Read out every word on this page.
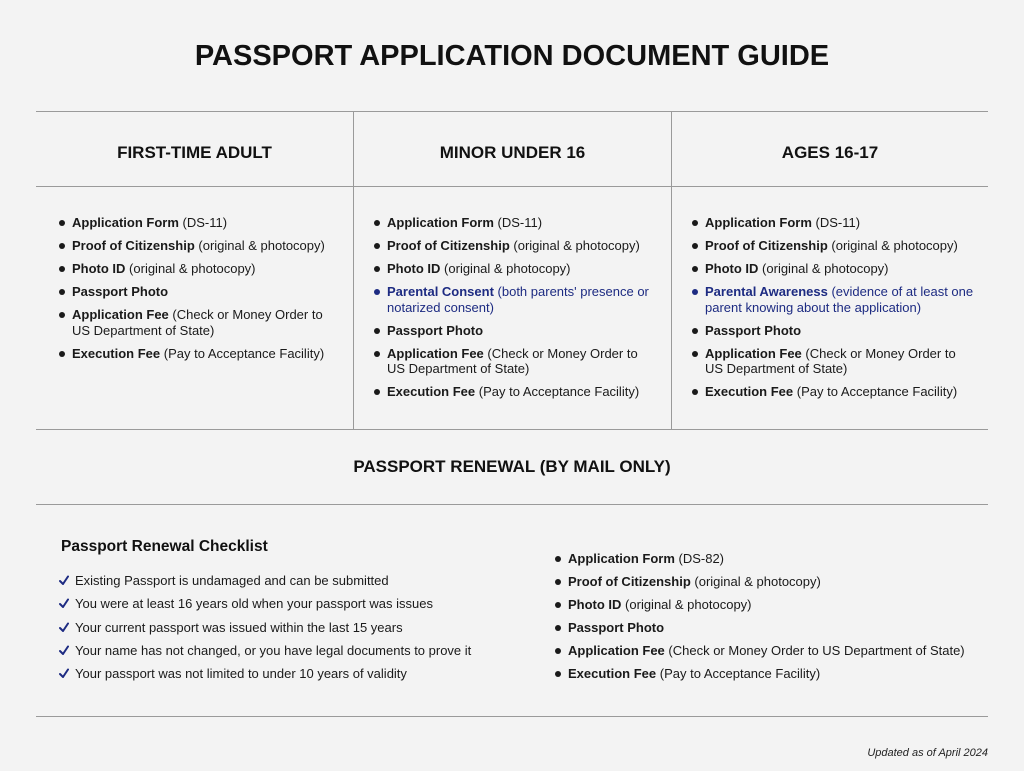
PASSPORT APPLICATION DOCUMENT GUIDE
FIRST-TIME ADULT	MINOR UNDER 16	AGES 16-17
Application Form (DS-11)
Proof of Citizenship (original & photocopy)
Photo ID (original & photocopy)
Passport Photo
Application Fee (Check or Money Order to US Department of State)
Execution Fee (Pay to Acceptance Facility)
Application Form (DS-11)
Proof of Citizenship (original & photocopy)
Photo ID (original & photocopy)
Parental Consent (both parents' presence or notarized consent)
Passport Photo
Application Fee (Check or Money Order to US Department of State)
Execution Fee (Pay to Acceptance Facility)
Application Form (DS-11)
Proof of Citizenship (original & photocopy)
Photo ID (original & photocopy)
Parental Awareness (evidence of at least one parent knowing about the application)
Passport Photo
Application Fee (Check or Money Order to US Department of State)
Execution Fee (Pay to Acceptance Facility)
PASSPORT RENEWAL (BY MAIL ONLY)
Passport Renewal Checklist
Existing Passport is undamaged and can be submitted
You were at least 16 years old when your passport was issues
Your current passport was issued within the last 15 years
Your name has not changed, or you have legal documents to prove it
Your passport was not limited to under 10 years of validity
Application Form (DS-82)
Proof of Citizenship (original & photocopy)
Photo ID (original & photocopy)
Passport Photo
Application Fee (Check or Money Order to US Department of State)
Execution Fee (Pay to Acceptance Facility)
Updated as of April 2024
